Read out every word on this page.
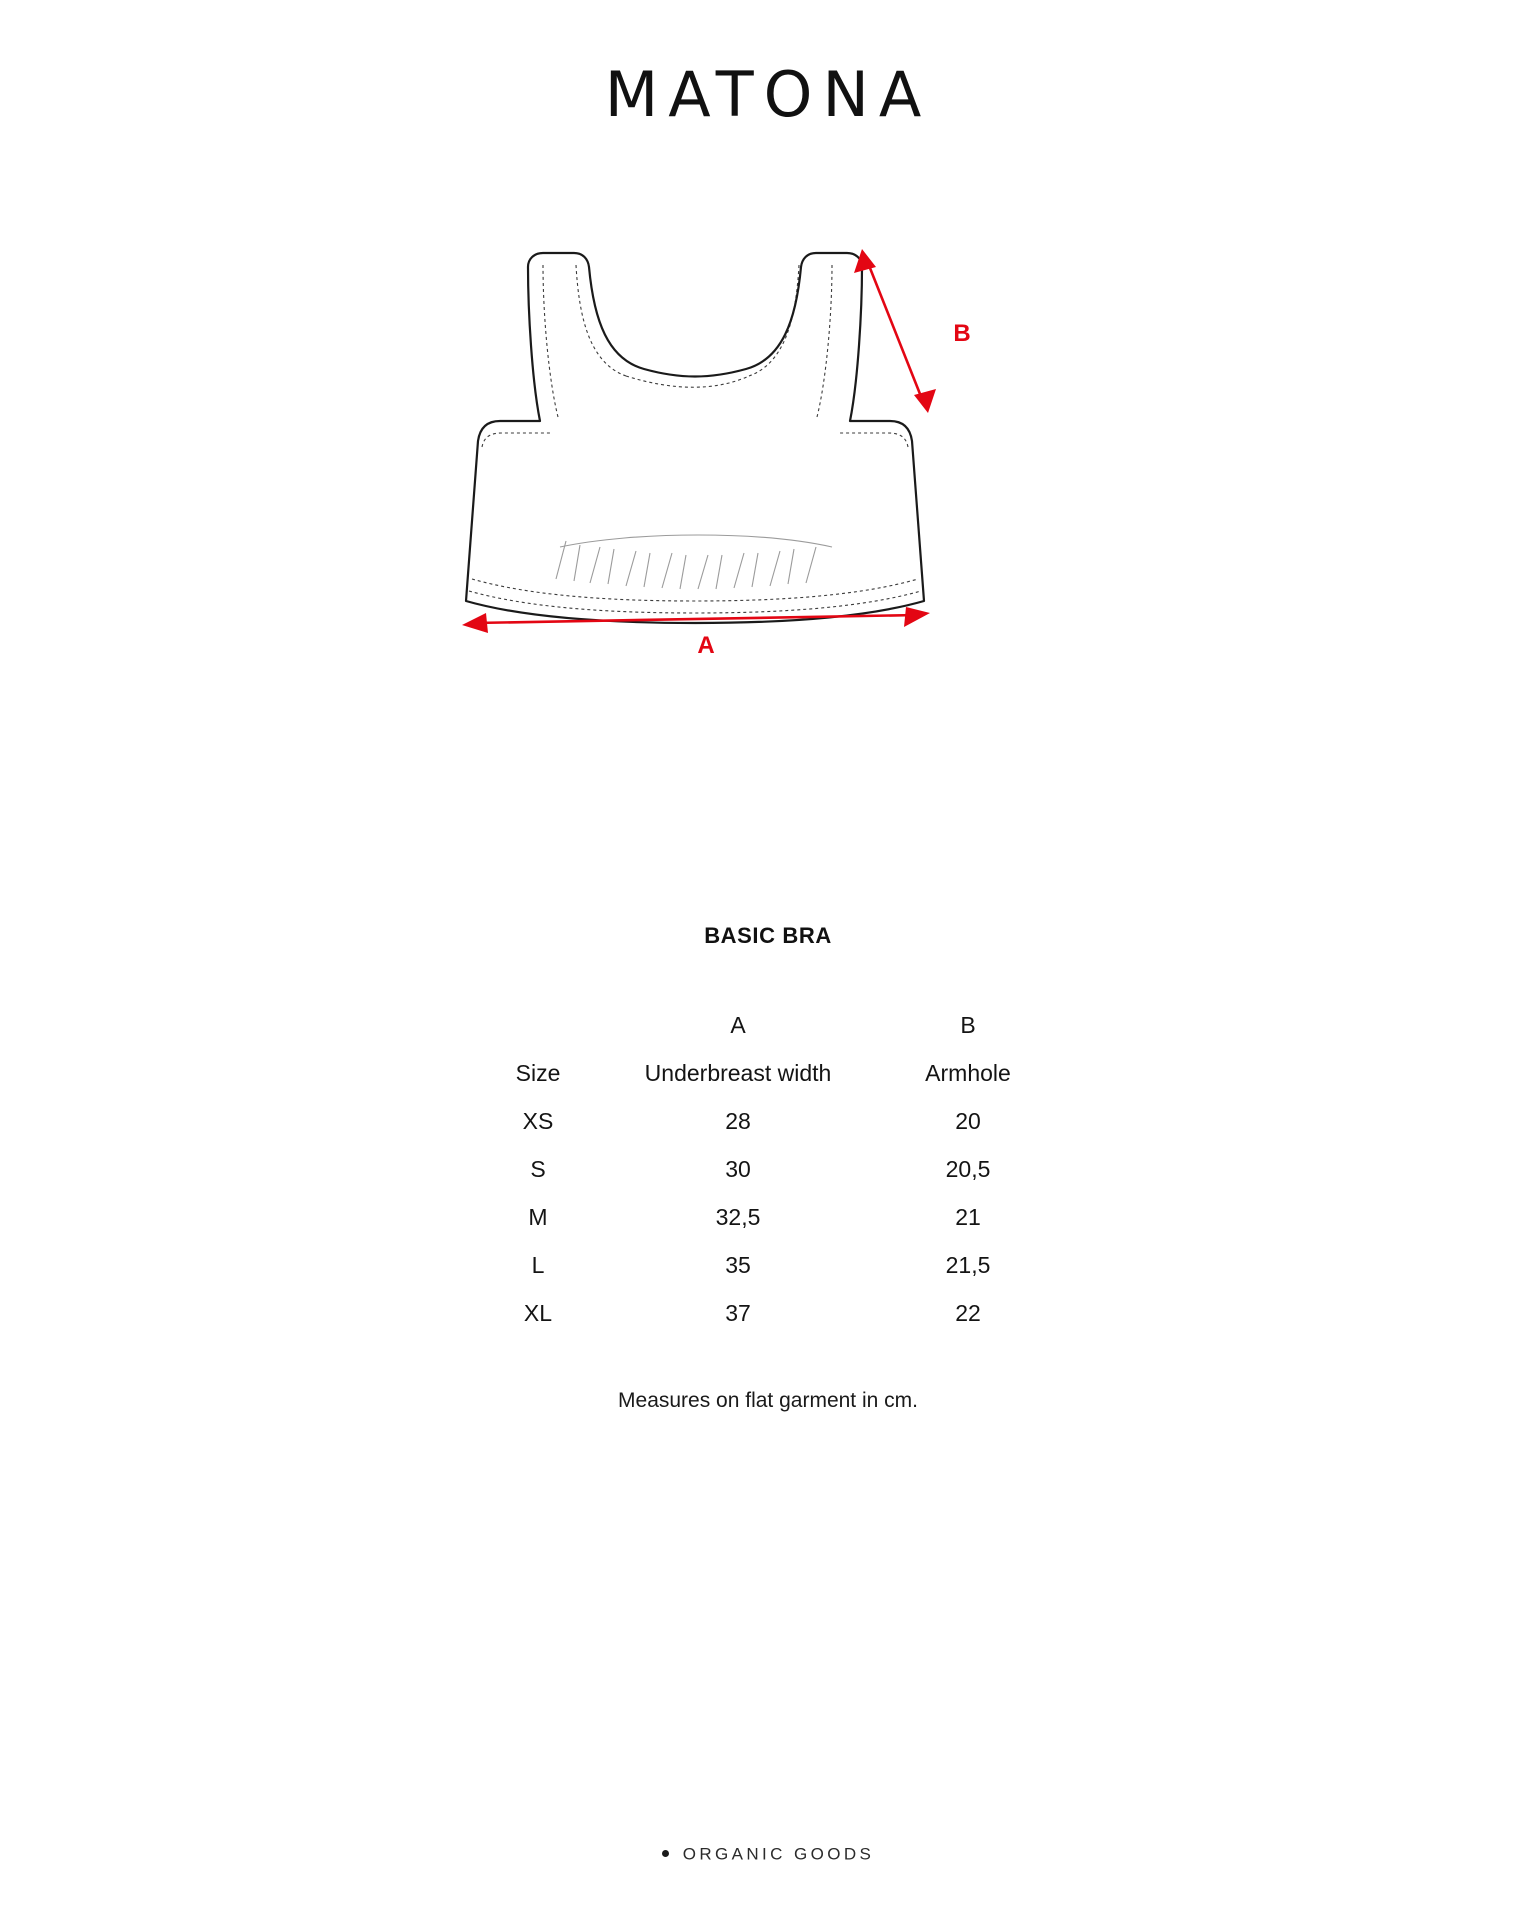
MATONA
A
B
BASIC BRA
	A	B
Size	Underbreast width	Armhole
XS	28	20
S	30	20,5
M	32,5	21
L	35	21,5
XL	37	22
Measures on flat garment in cm.
ORGANIC GOODS
